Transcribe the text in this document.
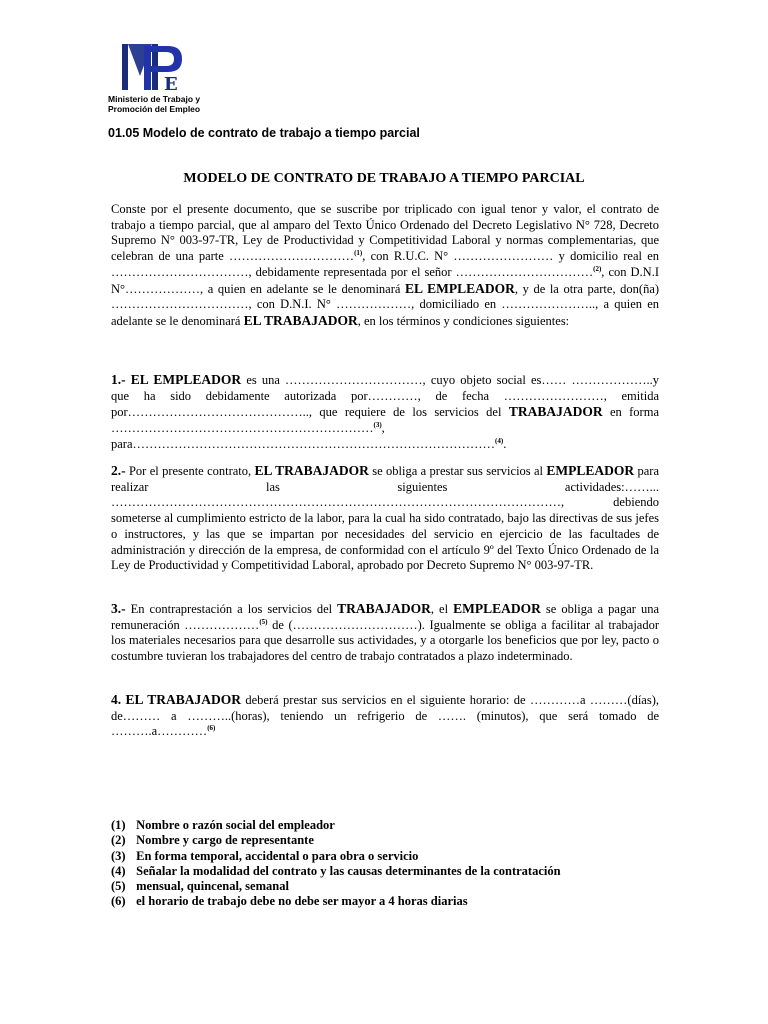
E
Ministerio de Trabajo y
Promoción del Empleo
01.05 Modelo de contrato de trabajo a tiempo parcial
MODELO DE CONTRATO DE TRABAJO A TIEMPO PARCIAL
Conste por el presente documento, que se suscribe por triplicado con igual tenor y valor, el contrato de trabajo a tiempo parcial, que al amparo del Texto Único Ordenado del Decreto Legislativo N° 728, Decreto Supremo N° 003-97-TR, Ley de Productividad y Competitividad Laboral y normas complementarias, que celebran de una parte …………………………$^{(1)}$, con R.U.C. N° …………………… y domicilio real en ……………………………, debidamente representada por el señor ……………………………$^{(2)}$, con D.N.I N°………………, a quien en adelante se le denominará EL EMPLEADOR, y de la otra parte, don(ña) ……………………………, con D.N.I. N° ………………, domiciliado en ………………….., a quien en adelante se le denominará EL TRABAJADOR, en los términos y condiciones siguientes:
1.- EL EMPLEADOR es una ……………………………, cuyo objeto social es…… ………………..y que ha sido debidamente autorizada por…………, de fecha ……………………, emitida por…………………………………….., que requiere de los servicios del TRABAJADOR en forma ………………………………………………………$^{(3)}$, para……………………………………………………………………………$^{(4)}$.
2.- Por el presente contrato, EL TRABAJADOR se obliga a prestar sus servicios al EMPLEADOR para realizar las siguientes actividades:……... ………………………………………………………………………………………………, debiendo someterse al cumplimiento estricto de la labor, para la cual ha sido contratado, bajo las directivas de sus jefes o instructores, y las que se impartan por necesidades del servicio en ejercicio de las facultades de administración y dirección de la empresa, de conformidad con el artículo 9º del Texto Único Ordenado de la Ley de Productividad y Competitividad Laboral, aprobado por Decreto Supremo N° 003-97-TR.
3.- En contraprestación a los servicios del TRABAJADOR, el EMPLEADOR se obliga a pagar una remuneración ………………$^{(5)}$ de (…………………………). Igualmente se obliga a facilitar al trabajador los materiales necesarios para que desarrolle sus actividades, y a otorgarle los beneficios que por ley, pacto o costumbre tuvieran los trabajadores del centro de trabajo contratados a plazo indeterminado.
4. EL TRABAJADOR deberá prestar sus servicios en el siguiente horario: de …………a ………(días), de……… a ………..(horas), teniendo un refrigerio de ……. (minutos), que será tomado de ……….a…………$^{(6)}$
(1) Nombre o razón social del empleador
(2) Nombre y cargo de representante
(3) En forma temporal, accidental o para obra o servicio
(4) Señalar la modalidad del contrato y las causas determinantes de la contratación
(5) mensual, quincenal, semanal
(6) el horario de trabajo debe no debe ser mayor a 4 horas diarias
